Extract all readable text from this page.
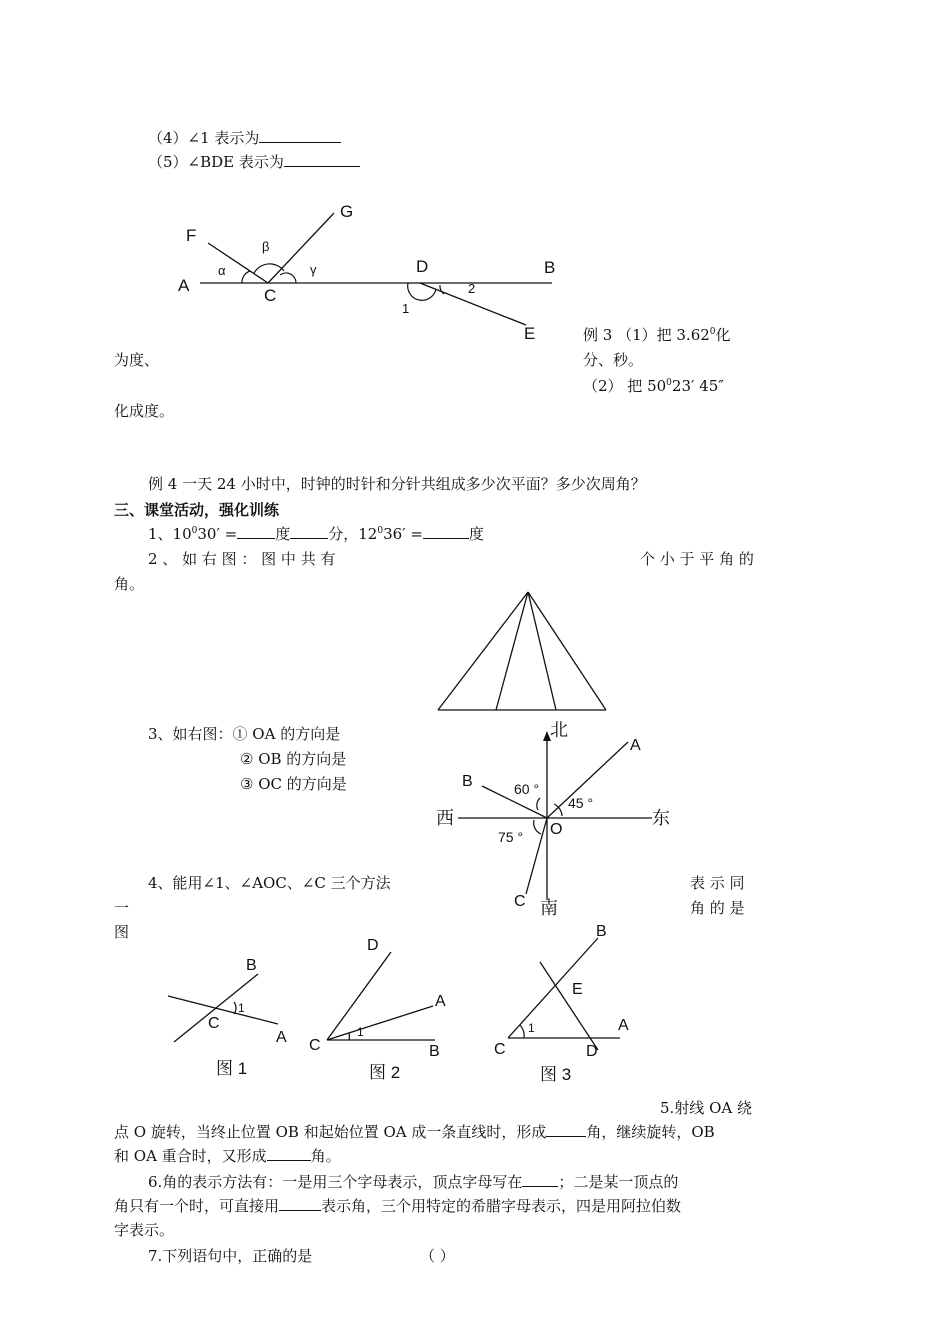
（4）∠1 表示为
（5）∠BDE 表示为
F
G
A
C
D	B
E
α
β
γ
1
2
例 3 （1）把 3.62$^0$化
为度、	分、秒。
（2） 把 $50^023'$ 45″
化成度。
例 4 一天 24 小时中，时钟的时针和分针共组成多少次平面？多少次周角？
三、课堂活动，强化训练
1、$10^030'$ =	度	分，$12^036'$ =	度
2 、 如 右 图 ： 图 中 共 有	个 小 于 平 角 的
角。
3、如右图：① OA 的方向是
② OB 的方向是
③ OC 的方向是
北
南
西	东
A
B
C
O
60 °
45 °
75 °
4、能用∠1、∠AOC、∠C 三个方法	表 示 同
一	角 的 是
图
B
C
A
1
图 1
D
A
C	B
1
图 2
B
E
A
C	D
1
图 3
5.射线 OA 绕
点 O 旋转，当终止位置 OB 和起始位置 OA 成一条直线时，形成	角，继续旋转，OB
和 OA 重合时，又形成	角。
6.角的表示方法有：一是用三个字母表示，顶点字母写在 ；二是某一顶点的
角只有一个时，可直接用	表示角，三个用特定的希腊字母表示，四是用阿拉伯数
字表示。
7.下列语句中，正确的是	（ ）
